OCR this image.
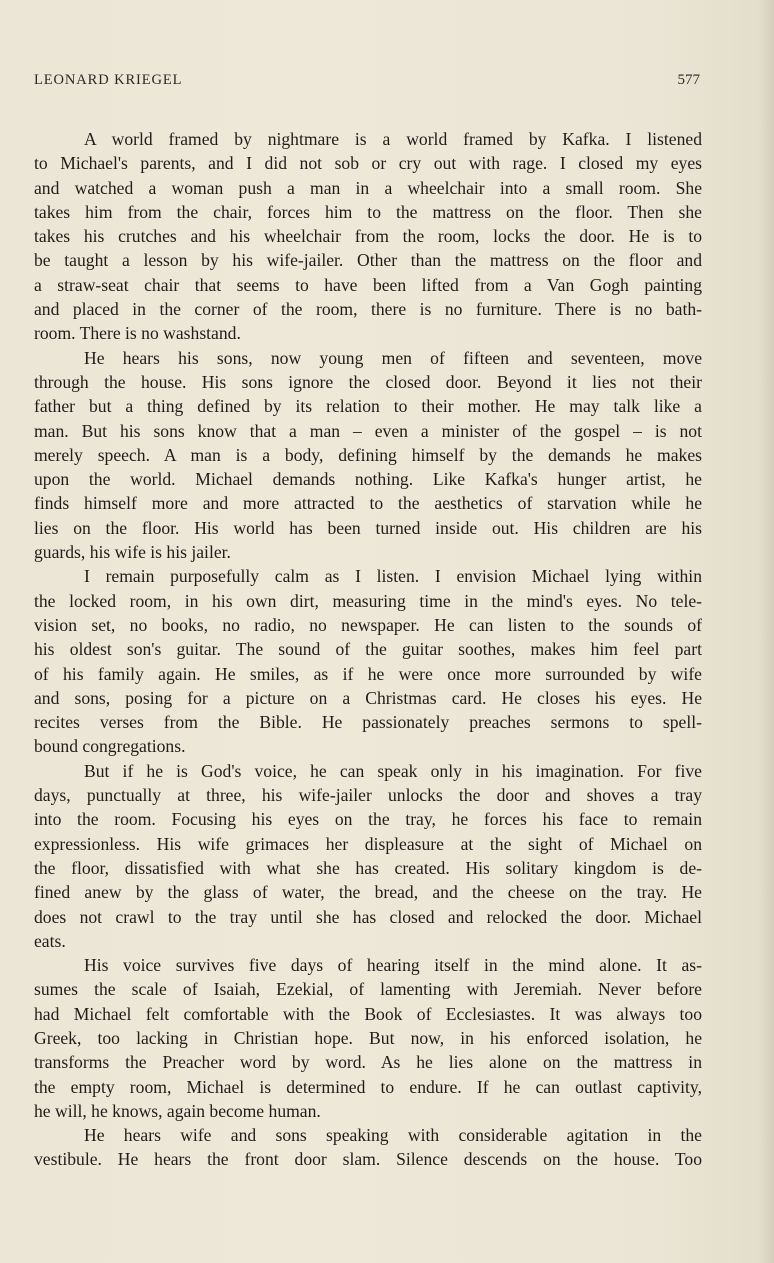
LEONARD KRIEGEL	577
A world framed by nightmare is a world framed by Kafka. I listened
to Michael's parents, and I did not sob or cry out with rage. I closed my eyes
and watched a woman push a man in a wheelchair into a small room. She
takes him from the chair, forces him to the mattress on the floor. Then she
takes his crutches and his wheelchair from the room, locks the door. He is to
be taught a lesson by his wife-jailer. Other than the mattress on the floor and
a straw-seat chair that seems to have been lifted from a Van Gogh painting
and placed in the corner of the room, there is no furniture. There is no bath-
room. There is no washstand.
He hears his sons, now young men of fifteen and seventeen, move
through the house. His sons ignore the closed door. Beyond it lies not their
father but a thing defined by its relation to their mother. He may talk like a
man. But his sons know that a man – even a minister of the gospel – is not
merely speech. A man is a body, defining himself by the demands he makes
upon the world. Michael demands nothing. Like Kafka's hunger artist, he
finds himself more and more attracted to the aesthetics of starvation while he
lies on the floor. His world has been turned inside out. His children are his
guards, his wife is his jailer.
I remain purposefully calm as I listen. I envision Michael lying within
the locked room, in his own dirt, measuring time in the mind's eyes. No tele-
vision set, no books, no radio, no newspaper. He can listen to the sounds of
his oldest son's guitar. The sound of the guitar soothes, makes him feel part
of his family again. He smiles, as if he were once more surrounded by wife
and sons, posing for a picture on a Christmas card. He closes his eyes. He
recites verses from the Bible. He passionately preaches sermons to spell-
bound congregations.
But if he is God's voice, he can speak only in his imagination. For five
days, punctually at three, his wife-jailer unlocks the door and shoves a tray
into the room. Focusing his eyes on the tray, he forces his face to remain
expressionless. His wife grimaces her displeasure at the sight of Michael on
the floor, dissatisfied with what she has created. His solitary kingdom is de-
fined anew by the glass of water, the bread, and the cheese on the tray. He
does not crawl to the tray until she has closed and relocked the door. Michael
eats.
His voice survives five days of hearing itself in the mind alone. It as-
sumes the scale of Isaiah, Ezekial, of lamenting with Jeremiah. Never before
had Michael felt comfortable with the Book of Ecclesiastes. It was always too
Greek, too lacking in Christian hope. But now, in his enforced isolation, he
transforms the Preacher word by word. As he lies alone on the mattress in
the empty room, Michael is determined to endure. If he can outlast captivity,
he will, he knows, again become human.
He hears wife and sons speaking with considerable agitation in the
vestibule. He hears the front door slam. Silence descends on the house. Too
